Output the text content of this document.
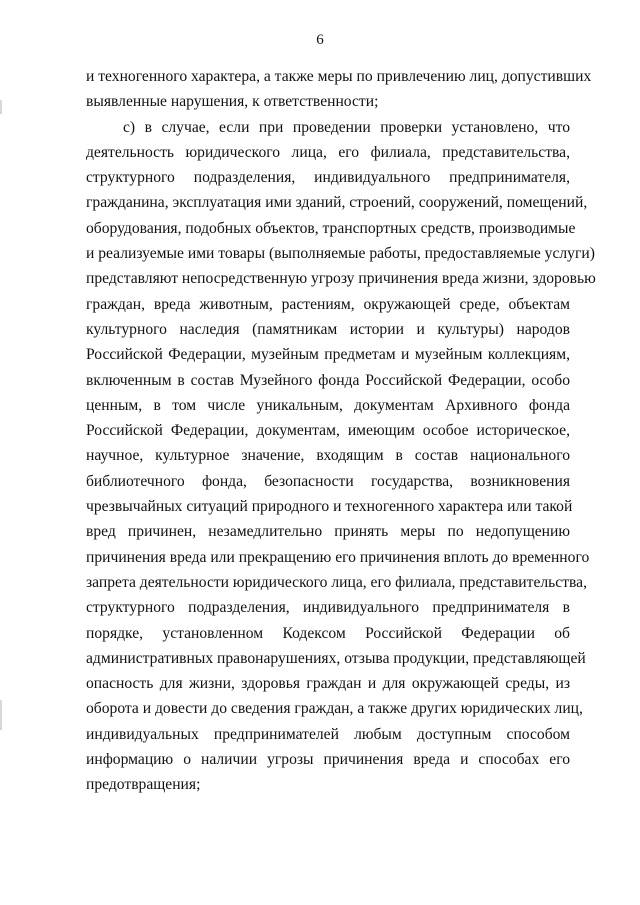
6
и техногенного характера, а также меры по привлечению лиц, допустивших
выявленные нарушения, к ответственности;
с) в случае, если при проведении проверки установлено, что
деятельность юридического лица, его филиала, представительства,
структурного подразделения, индивидуального предпринимателя,
гражданина, эксплуатация ими зданий, строений, сооружений, помещений,
оборудования, подобных объектов, транспортных средств, производимые
и реализуемые ими товары (выполняемые работы, предоставляемые услуги)
представляют непосредственную угрозу причинения вреда жизни, здоровью
граждан, вреда животным, растениям, окружающей среде, объектам
культурного наследия (памятникам истории и культуры) народов
Российской Федерации, музейным предметам и музейным коллекциям,
включенным в состав Музейного фонда Российской Федерации, особо
ценным, в том числе уникальным, документам Архивного фонда
Российской Федерации, документам, имеющим особое историческое,
научное, культурное значение, входящим в состав национального
библиотечного фонда, безопасности государства, возникновения
чрезвычайных ситуаций природного и техногенного характера или такой
вред причинен, незамедлительно принять меры по недопущению
причинения вреда или прекращению его причинения вплоть до временного
запрета деятельности юридического лица, его филиала, представительства,
структурного подразделения, индивидуального предпринимателя в
порядке, установленном Кодексом Российской Федерации об
административных правонарушениях, отзыва продукции, представляющей
опасность для жизни, здоровья граждан и для окружающей среды, из
оборота и довести до сведения граждан, а также других юридических лиц,
индивидуальных предпринимателей любым доступным способом
информацию о наличии угрозы причинения вреда и способах его
предотвращения;
